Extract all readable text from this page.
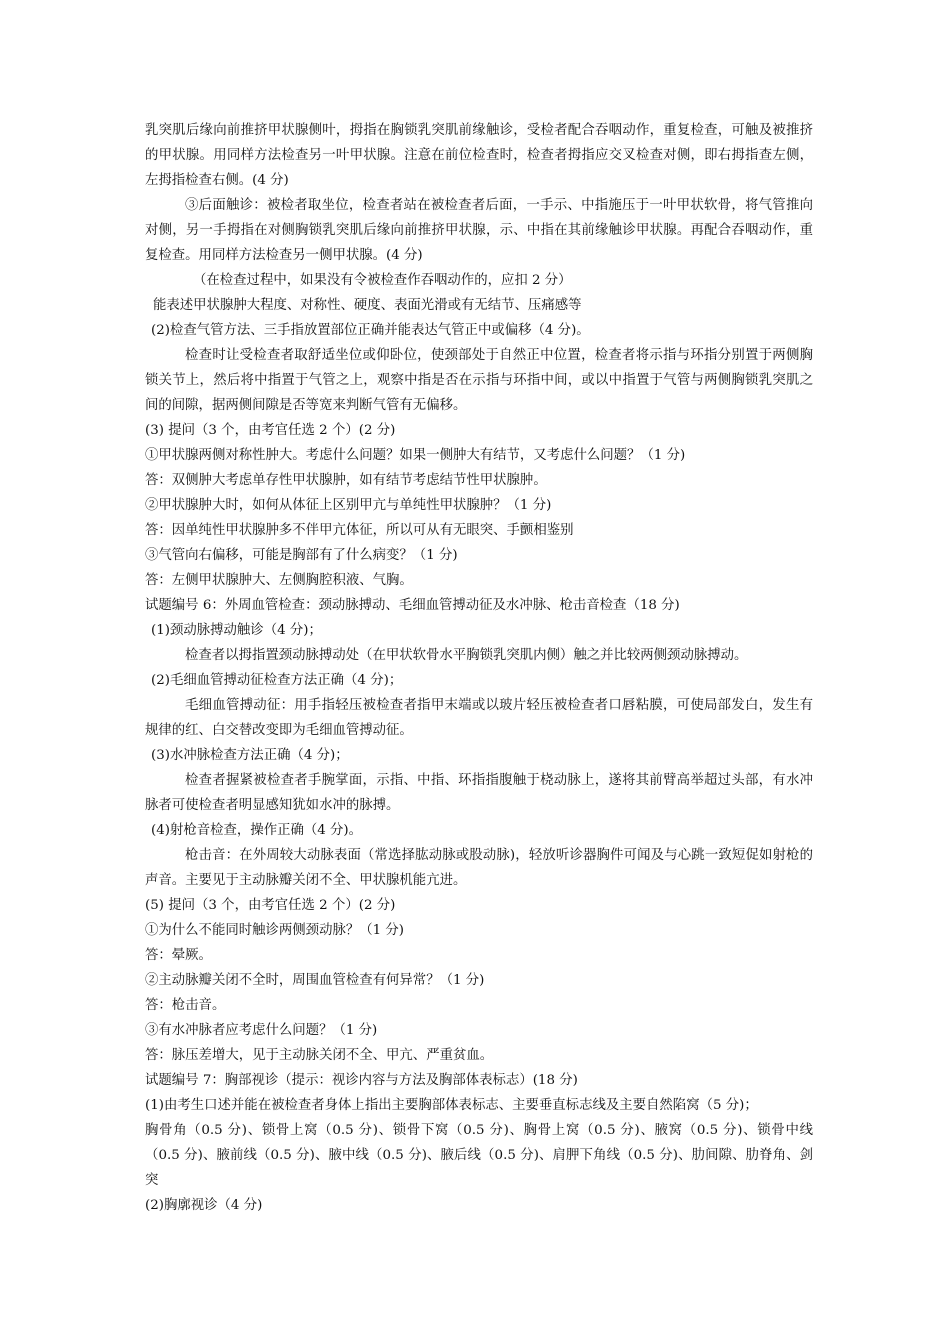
乳突肌后缘向前推挤甲状腺侧叶，拇指在胸锁乳突肌前缘触诊，受检者配合吞咽动作，重复检查，可触及被推挤的甲状腺。用同样方法检查另一叶甲状腺。注意在前位检查时，检查者拇指应交叉检查对侧，即右拇指查左侧，左拇指检查右侧。(4 分)

③后面触诊：被检者取坐位，检查者站在被检查者后面，一手示、中指施压于一叶甲状软骨，将气管推向对侧，另一手拇指在对侧胸锁乳突肌后缘向前推挤甲状腺，示、中指在其前缘触诊甲状腺。再配合吞咽动作，重复检查。用同样方法检查另一侧甲状腺。(4 分)

（在检查过程中，如果没有令被检查作吞咽动作的，应扣 2 分）

能表述甲状腺肿大程度、对称性、硬度、表面光滑或有无结节、压痛感等

(2)检查气管方法、三手指放置部位正确并能表达气管正中或偏移（4 分)。

检查时让受检查者取舒适坐位或仰卧位，使颈部处于自然正中位置，检查者将示指与环指分别置于两侧胸锁关节上，然后将中指置于气管之上，观察中指是否在示指与环指中间，或以中指置于气管与两侧胸锁乳突肌之间的间隙，据两侧间隙是否等宽来判断气管有无偏移。

(3) 提问（3 个，由考官任选 2 个）(2 分)

①甲状腺两侧对称性肿大。考虑什么问题？如果一侧肿大有结节，又考虑什么问题？（1 分)

答：双侧肿大考虑单存性甲状腺肿，如有结节考虑结节性甲状腺肿。

②甲状腺肿大时，如何从体征上区别甲亢与单纯性甲状腺肿？（1 分)

答：因单纯性甲状腺肿多不伴甲亢体征，所以可从有无眼突、手颤相鉴别

③气管向右偏移，可能是胸部有了什么病变？（1 分)

答：左侧甲状腺肿大、左侧胸腔积液、气胸。

试题编号 6：外周血管检查：颈动脉搏动、毛细血管搏动征及水冲脉、枪击音检查（18 分)

(1)颈动脉搏动触诊（4 分)；

检查者以拇指置颈动脉搏动处（在甲状软骨水平胸锁乳突肌内侧）触之并比较两侧颈动脉搏动。

(2)毛细血管搏动征检查方法正确（4 分)；

毛细血管搏动征：用手指轻压被检查者指甲末端或以玻片轻压被检查者口唇粘膜，可使局部发白，发生有规律的红、白交替改变即为毛细血管搏动征。

(3)水冲脉检查方法正确（4 分)；

检查者握紧被检查者手腕掌面，示指、中指、环指指腹触于桡动脉上，遂将其前臂高举超过头部，有水冲脉者可使检查者明显感知犹如水冲的脉搏。

(4)射枪音检查，操作正确（4 分)。

枪击音：在外周较大动脉表面（常选择肱动脉或股动脉)，轻放听诊器胸件可闻及与心跳一致短促如射枪的声音。主要见于主动脉瓣关闭不全、甲状腺机能亢进。

(5) 提问（3 个，由考官任选 2 个）(2 分)

①为什么不能同时触诊两侧颈动脉？（1 分)

答：晕厥。

②主动脉瓣关闭不全时，周围血管检查有何异常？（1 分)

答：枪击音。

③有水冲脉者应考虑什么问题？（1 分)

答：脉压差增大，见于主动脉关闭不全、甲亢、严重贫血。

试题编号 7：胸部视诊（提示：视诊内容与方法及胸部体表标志）(18 分)

(1)由考生口述并能在被检查者身体上指出主要胸部体表标志、主要垂直标志线及主要自然陷窝（5 分)；

胸骨角（0.5 分)、锁骨上窝（0.5 分)、锁骨下窝（0.5 分)、胸骨上窝（0.5 分)、腋窝（0.5 分)、锁骨中线（0.5 分)、腋前线（0.5 分)、腋中线（0.5 分)、腋后线（0.5 分)、肩胛下角线（0.5 分)、肋间隙、肋脊角、剑突

(2)胸廓视诊（4 分)
